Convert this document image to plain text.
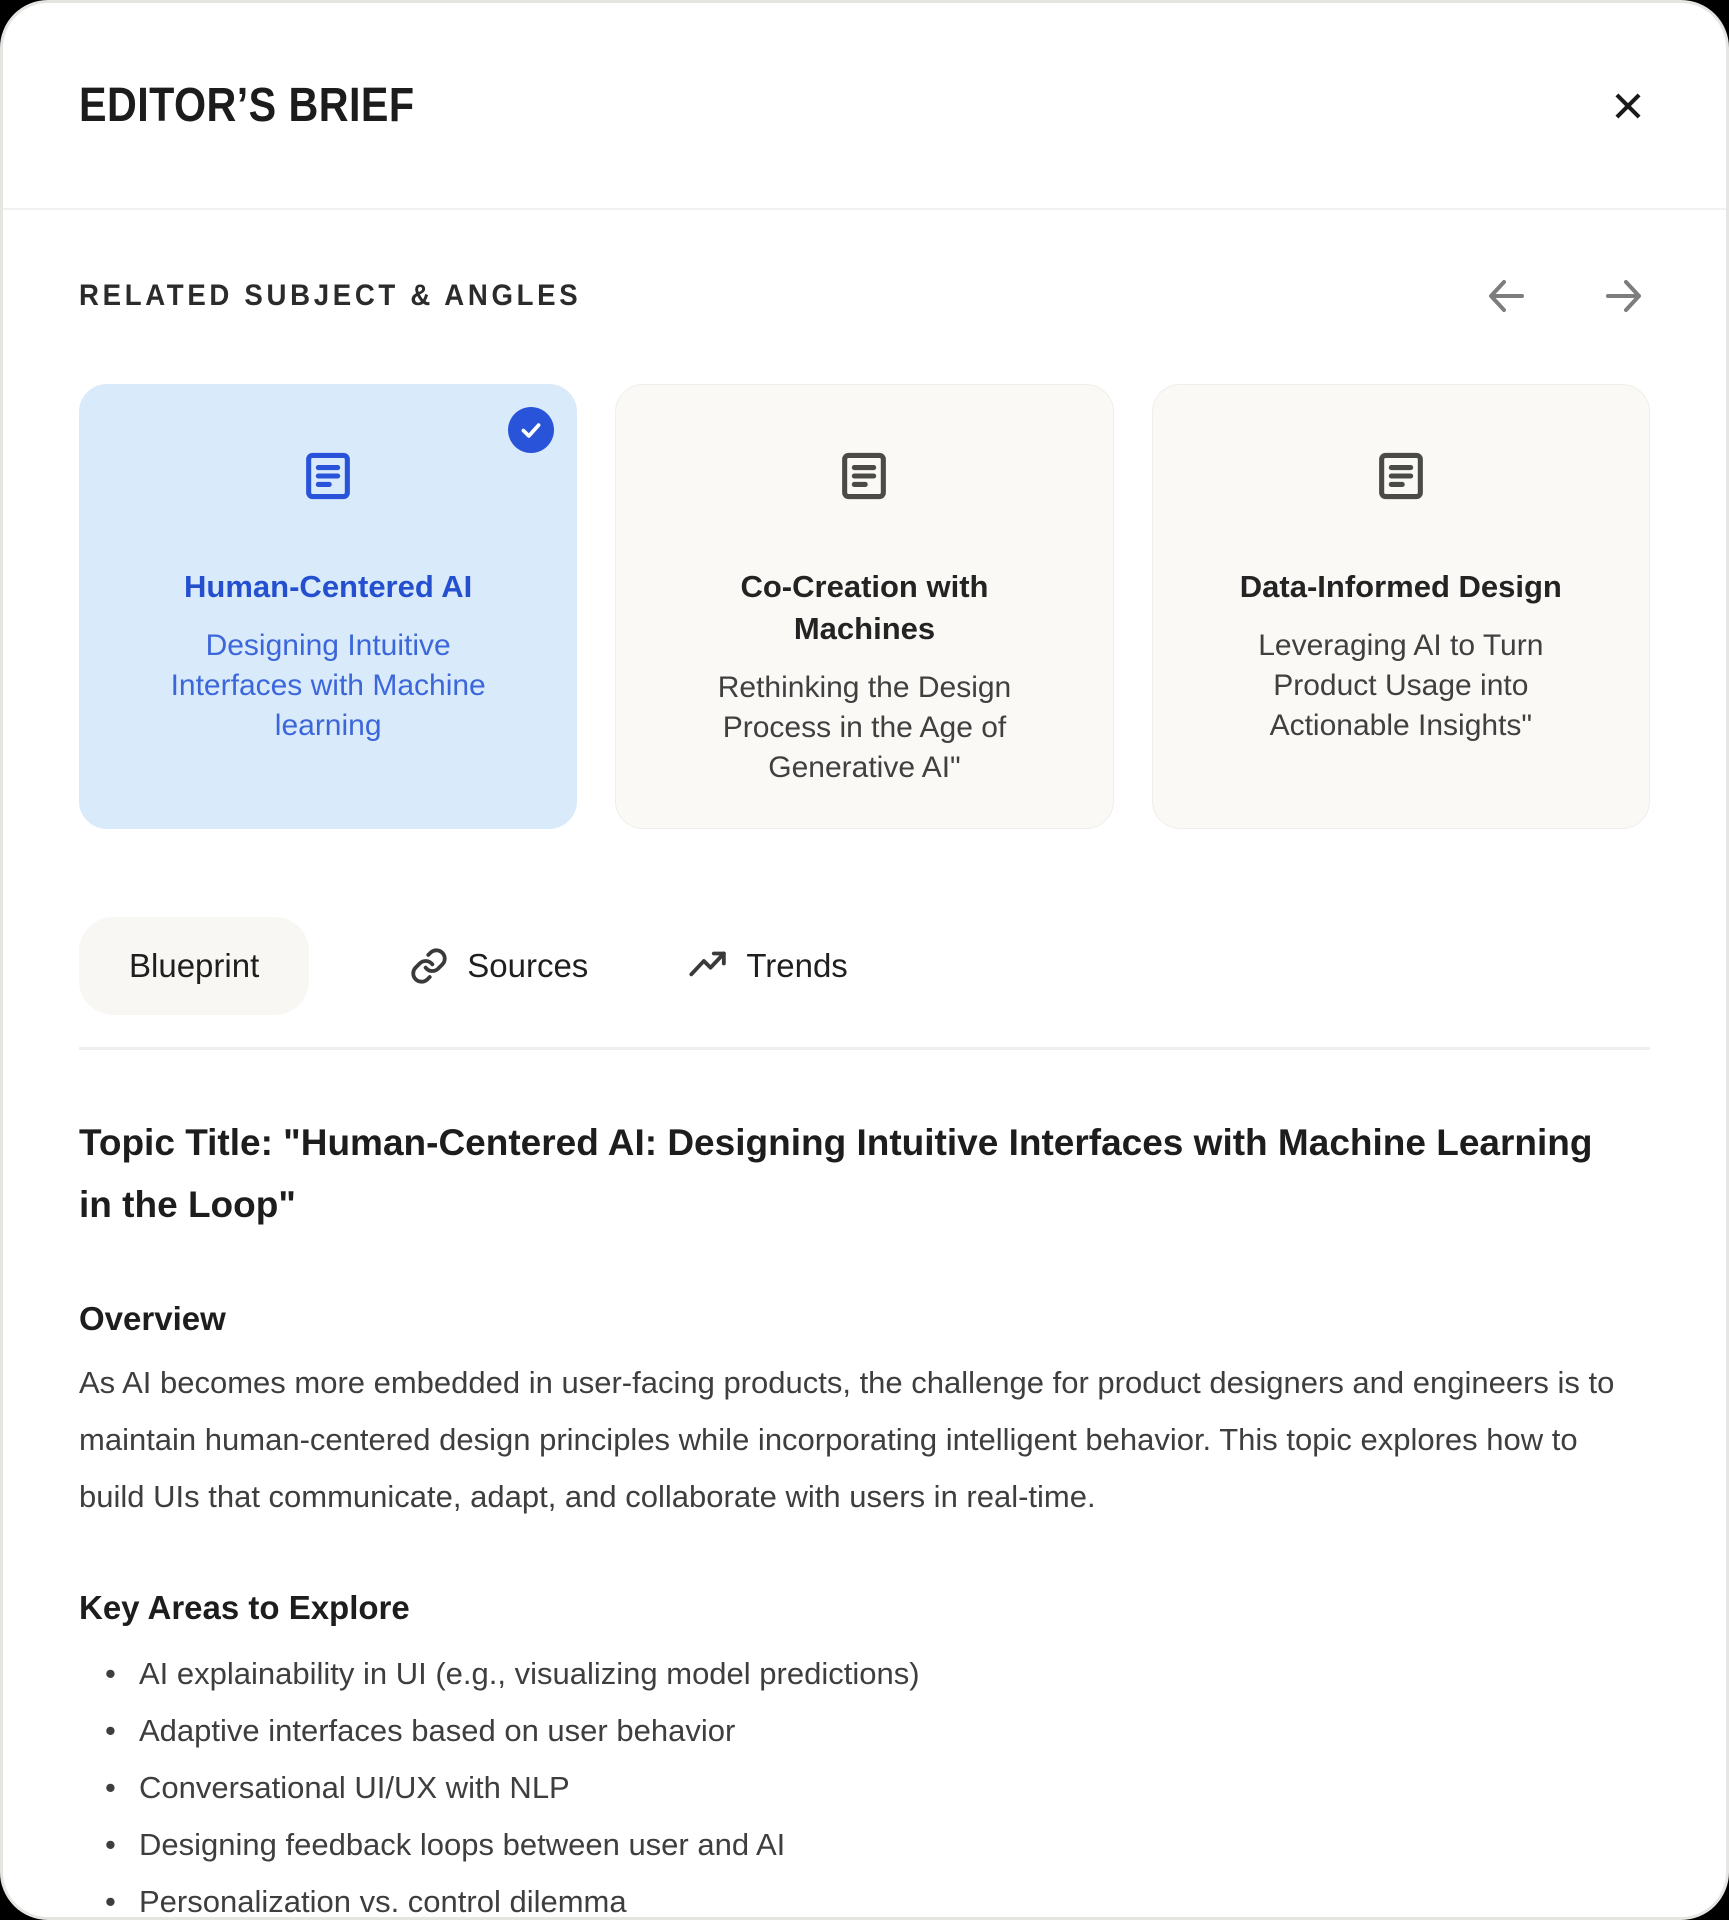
EDITOR’S BRIEF
RELATED SUBJECT & ANGLES
Human-Centered AI

Designing Intuitive Interfaces with Machine learning

Co-Creation with Machines

Rethinking the Design Process in the Age of Generative AI"

Data-Informed Design

Leveraging AI to Turn Product Usage into Actionable Insights"

Blueprint	Sources	Trends
Topic Title: "Human-Centered AI: Designing Intuitive Interfaces with Machine Learning in the Loop"
Overview

As AI becomes more embedded in user-facing products, the challenge for product designers and engineers is to maintain human-centered design principles while incorporating intelligent behavior. This topic explores how to build UIs that communicate, adapt, and collaborate with users in real-time.

Key Areas to Explore
• AI explainability in UI (e.g., visualizing model predictions)
• Adaptive interfaces based on user behavior
• Conversational UI/UX with NLP
• Designing feedback loops between user and AI
• Personalization vs. control dilemma
